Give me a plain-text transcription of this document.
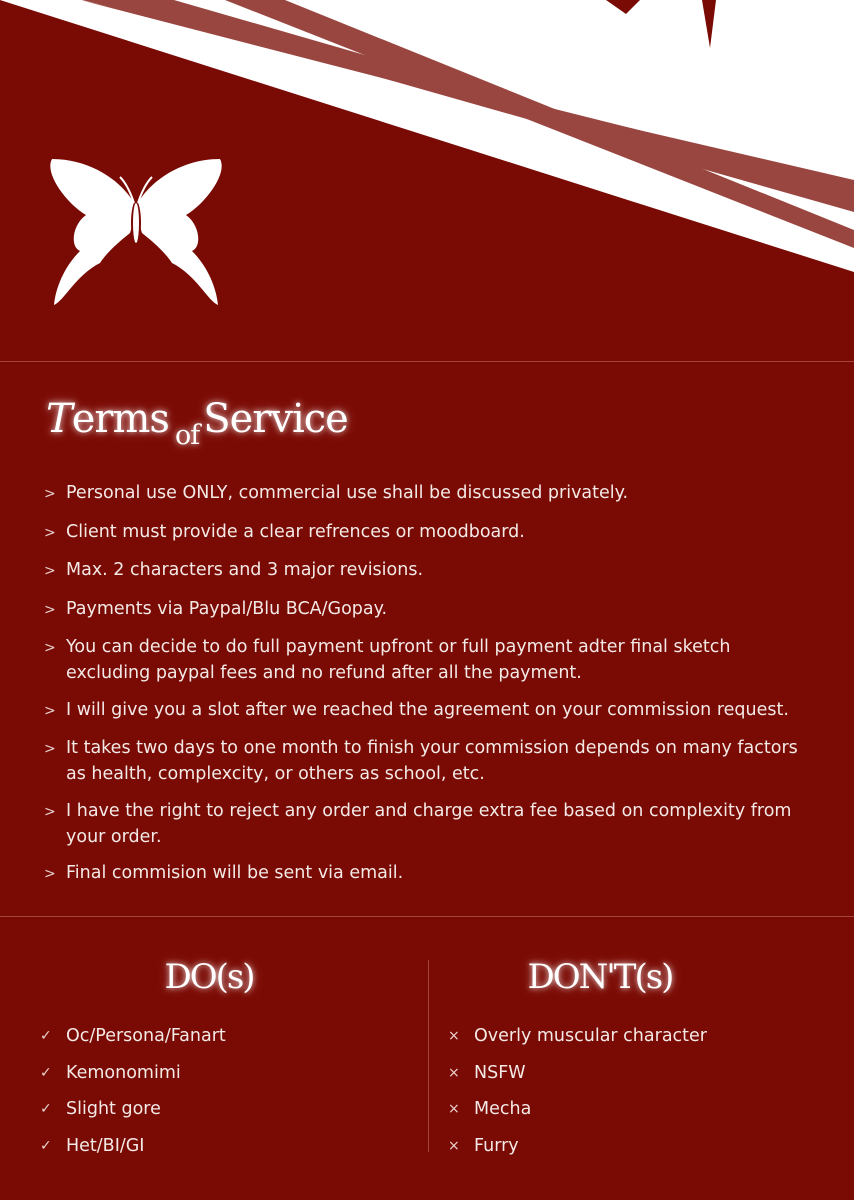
Terms of Service
> Personal use ONLY, commercial use shall be discussed privately.
> Client must provide a clear refrences or moodboard.
> Max. 2 characters and 3 major revisions.
> Payments via Paypal/Blu BCA/Gopay.
> You can decide to do full payment upfront or full payment adter final sketch excluding paypal fees and no refund after all the payment.
> I will give you a slot after we reached the agreement on your commission request.
> It takes two days to one month to finish your commission depends on many factors as health, complexcity, or others as school, etc.
> I have the right to reject any order and charge extra fee based on complexity from your order.
> Final commision will be sent via email.
DO(s)
✓ Oc/Persona/Fanart
✓ Kemonomimi
✓ Slight gore
✓ Het/BI/GI
DON'T(s)
× Overly muscular character
× NSFW
× Mecha
× Furry
